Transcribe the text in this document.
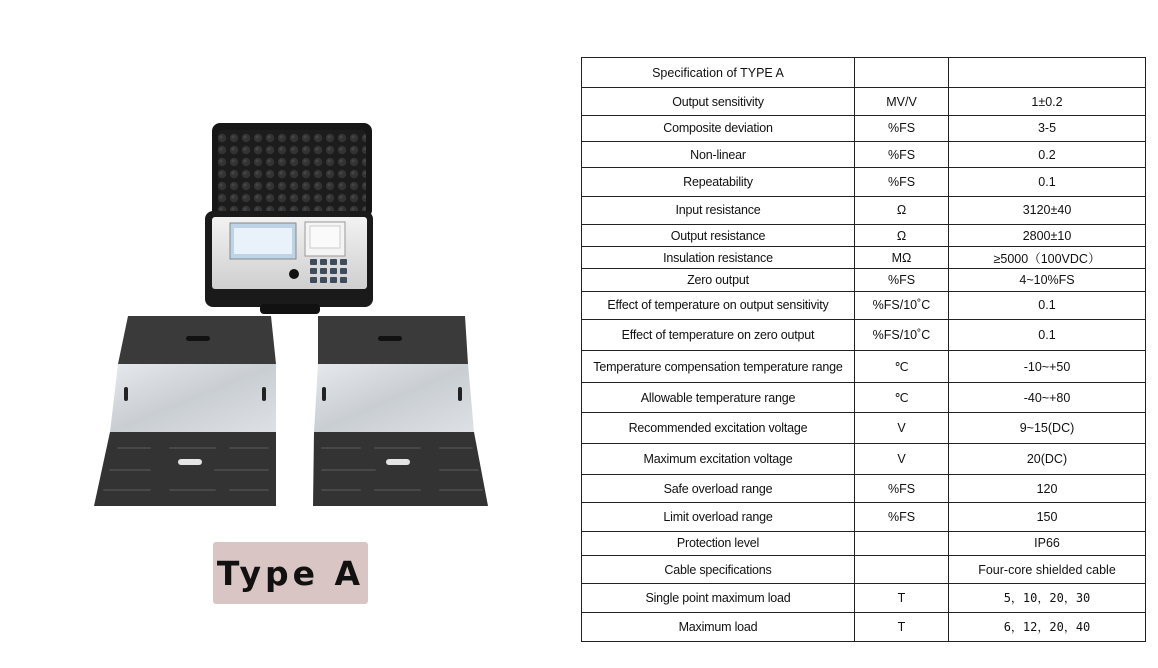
Type A
Specification of TYPE A		
Output sensitivity	MV/V	1±0.2
Composite deviation	%FS	3-5
Non-linear	%FS	0.2
Repeatability	%FS	0.1
Input resistance	Ω	3120±40
Output resistance	Ω	2800±10
Insulation resistance	MΩ	≥5000（100VDC）
Zero output	%FS	4~10%FS
Effect of temperature on output sensitivity	%FS/10˚C	0.1
Effect of temperature on zero output	%FS/10˚C	0.1
Temperature compensation temperature range	℃	-10~+50
Allowable temperature range	℃	-40~+80
Recommended excitation voltage	V	9~15(DC)
Maximum excitation voltage	V	20(DC)
Safe overload range	%FS	120
Limit overload range	%FS	150
Protection level		IP66
Cable specifications		Four-core shielded cable
Single point maximum load	T	5，10，20，30
Maximum load	T	6，12，20，40
